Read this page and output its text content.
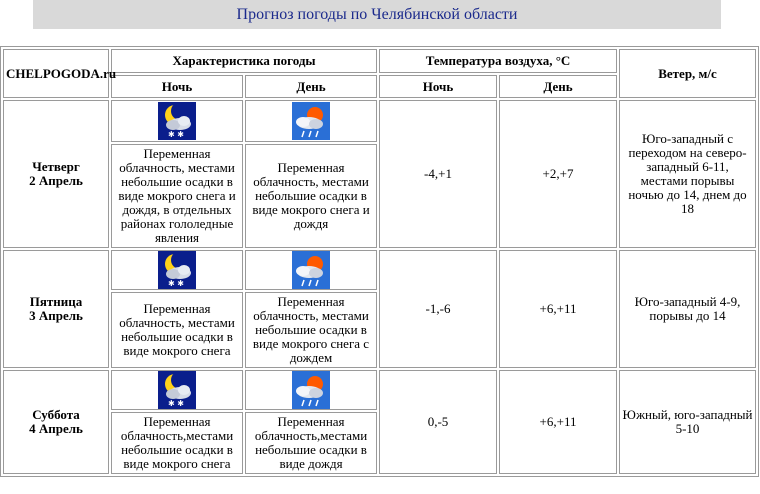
Прогноз погоды по Челябинской области
CHELPOGODA.ru	Характеристика погоды		Температура воздуха, °С		Ветер, м/с
	Ночь	День	Ночь	День	
Четверг
2 Апрель	✱ ✱		-4,+1	+2,+7	Юго-западный с переходом на северо-западный 6-11, местами порывы ночью до 14, днем до 18
	Переменная облачность, местами небольшие осадки в виде мокрого снега и дождя, в отдельных районах гололедные явления	Переменная облачность, местами небольшие осадки в виде мокрого снега и дождя			
Пятница
3 Апрель	✱ ✱		-1,-6	+6,+11	Юго-западный 4-9, порывы до 14
	Переменная облачность, местами небольшие осадки в виде мокрого снега	Переменная облачность, местами небольшие осадки в виде мокрого снега с дождем			
Суббота
4 Апрель	✱ ✱		0,-5	+6,+11	Южный, юго-западный 5-10
	Переменная облачность,местами небольшие осадки в виде мокрого снега	Переменная облачность,местами небольшие осадки в виде дождя			
